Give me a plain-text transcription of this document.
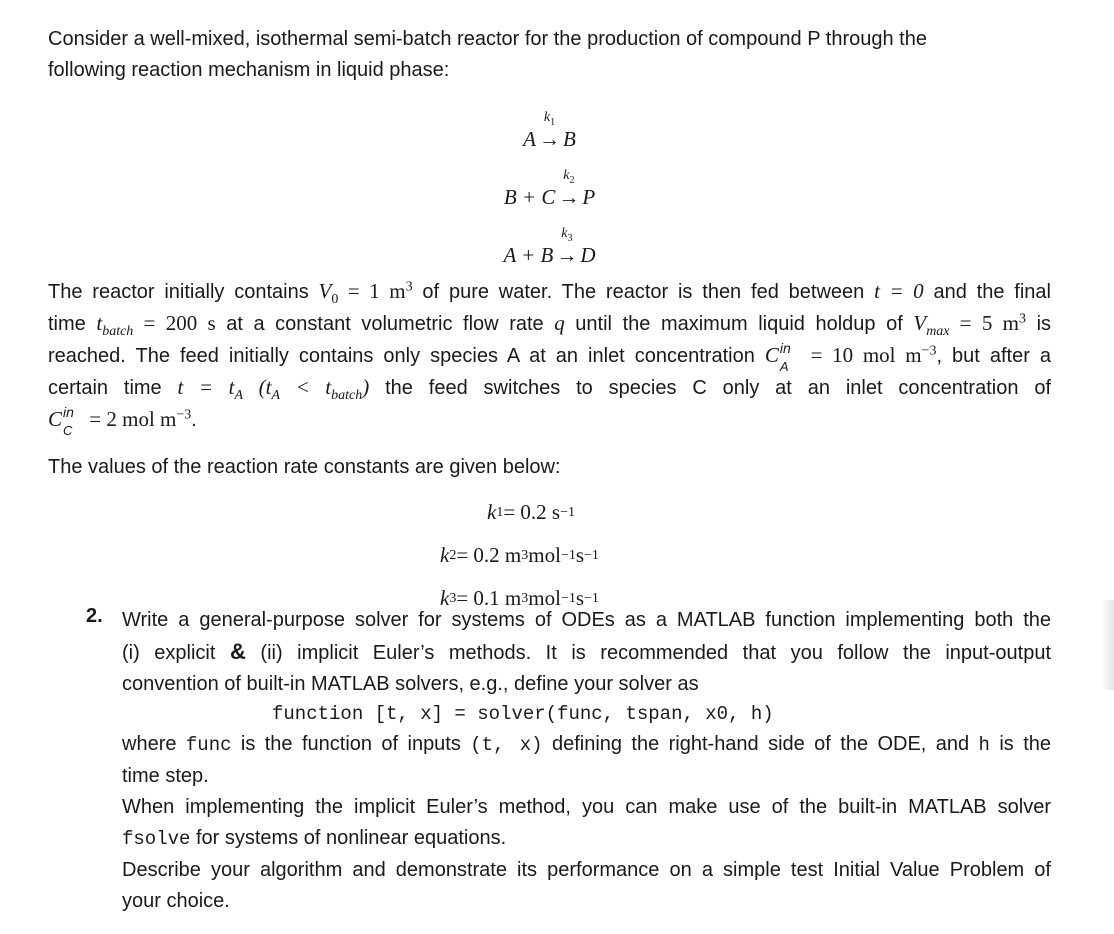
Consider a well-mixed, isothermal semi-batch reactor for the production of compound P through the

following reaction mechanism in liquid phase:

A →
$k_1$
B
B + C →
$k_2$
P
A + B →
$k_3$
D

The reactor initially contains $V_0 = 1$ $m^3$ of pure water. The reactor is then fed between t = 0 and the final

time $t_{batch} = 200$ s at a constant volumetric flow rate q until the maximum liquid holdup of $V_{max} = 5$ $m^3$ is

reached. The feed initially contains only species A at an inlet concentration C in
A = 10 mol $m^{-3}$, but after a

certain time $t = t_A$ $(t_A < t_{batch})$ the feed switches to species C only at an inlet concentration of

C in
C = 2 mol $m^{-3}$.

The values of the reaction rate constants are given below:

k 1 = 0.2 s −1
k 2 = 0.2 m 3 mol −1 s −1
k 3 = 0.1 m 3 mol −1 s −1
2. Write a general-purpose solver for systems of ODEs as a MATLAB function implementing both the

(i) explicit & (ii) implicit Euler’s methods. It is recommended that you follow the input-output

convention of built-in MATLAB solvers, e.g., define your solver as

function [t, x] = solver(func, tspan, x0, h)

where func is the function of inputs (t, x) defining the right-hand side of the ODE, and h is the

time step.

When implementing the implicit Euler’s method, you can make use of the built-in MATLAB solver

fsolve for systems of nonlinear equations.

Describe your algorithm and demonstrate its performance on a simple test Initial Value Problem of

your choice.
